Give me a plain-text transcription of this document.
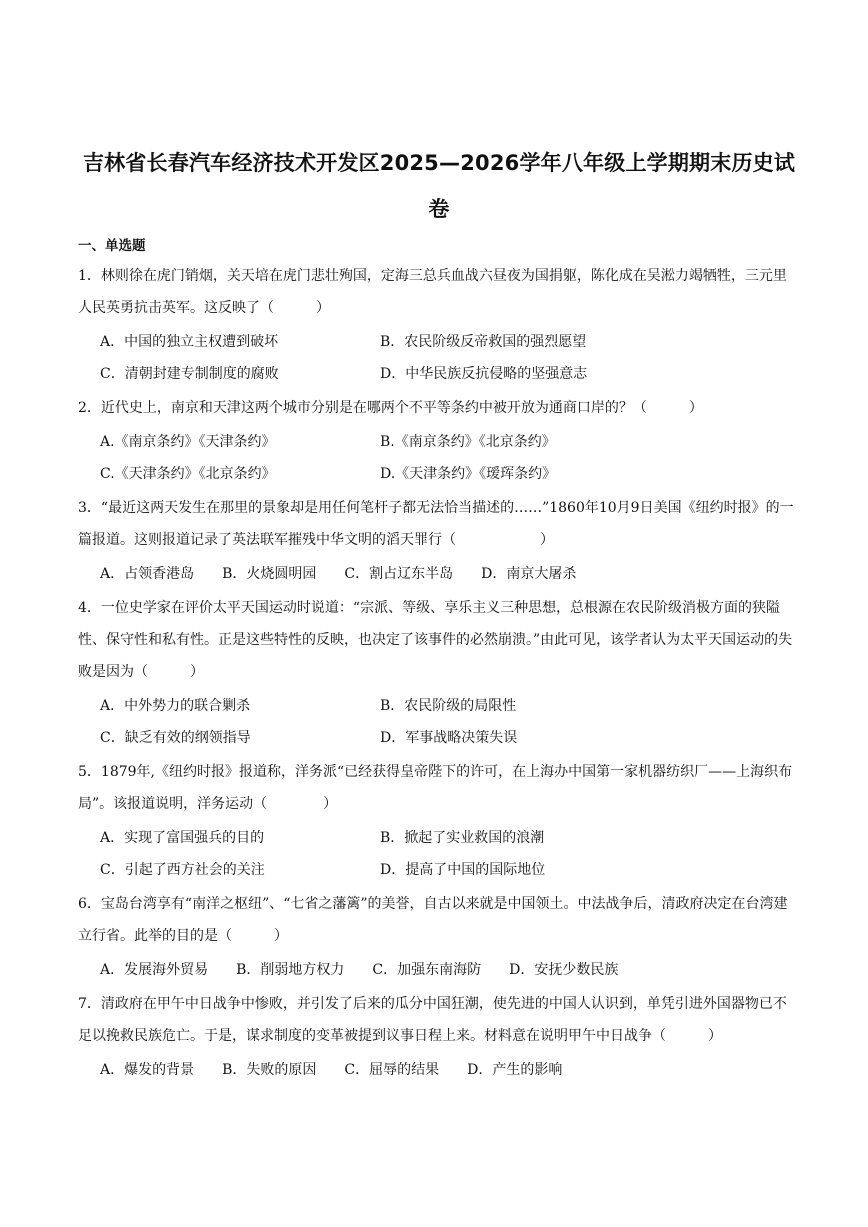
吉林省长春汽车经济技术开发区2025—2026学年八年级上学期期末历史试卷
一、单选题
1．林则徐在虎门销烟，关天培在虎门悲壮殉国，定海三总兵血战六昼夜为国捐躯，陈化成在吴淞力竭牺牲，三元里人民英勇抗击英军。这反映了（　　　）
A．中国的独立主权遭到破坏	B．农民阶级反帝救国的强烈愿望
C．清朝封建专制制度的腐败	D．中华民族反抗侵略的坚强意志
2．近代史上，南京和天津这两个城市分别是在哪两个不平等条约中被开放为通商口岸的？（　　　）
A.《南京条约》《天津条约》	B.《南京条约》《北京条约》
C.《天津条约》《北京条约》	D.《天津条约》《瑷珲条约》
3．“最近这两天发生在那里的景象却是用任何笔杆子都无法恰当描述的……”1860年10月9日美国《纽约时报》的一篇报道。这则报道记录了英法联军摧残中华文明的滔天罪行（　　　　　　）
A．占领香港岛 B．火烧圆明园 C．割占辽东半岛 D．南京大屠杀
4．一位史学家在评价太平天国运动时说道：“宗派、等级、享乐主义三种思想，总根源在农民阶级消极方面的狭隘性、保守性和私有性。正是这些特性的反映，也决定了该事件的必然崩溃。”由此可见，该学者认为太平天国运动的失败是因为（　　　）
A．中外势力的联合剿杀	B．农民阶级的局限性
C．缺乏有效的纲领指导	D．军事战略决策失误
5．1879年,《纽约时报》报道称，洋务派“已经获得皇帝陛下的许可，在上海办中国第一家机器纺织厂——上海织布局”。该报道说明，洋务运动（　　　　）
A．实现了富国强兵的目的	B．掀起了实业救国的浪潮
C．引起了西方社会的关注	D．提高了中国的国际地位
6．宝岛台湾享有“南洋之枢纽”、“七省之藩篱”的美誉，自古以来就是中国领土。中法战争后，清政府决定在台湾建立行省。此举的目的是（　　　）
A．发展海外贸易 B．削弱地方权力 C．加强东南海防 D．安抚少数民族
7．清政府在甲午中日战争中惨败，并引发了后来的瓜分中国狂潮，使先进的中国人认识到，单凭引进外国器物已不足以挽救民族危亡。于是，谋求制度的变革被提到议事日程上来。材料意在说明甲午中日战争（　　　）
A．爆发的背景 B．失败的原因 C．屈辱的结果 D．产生的影响
